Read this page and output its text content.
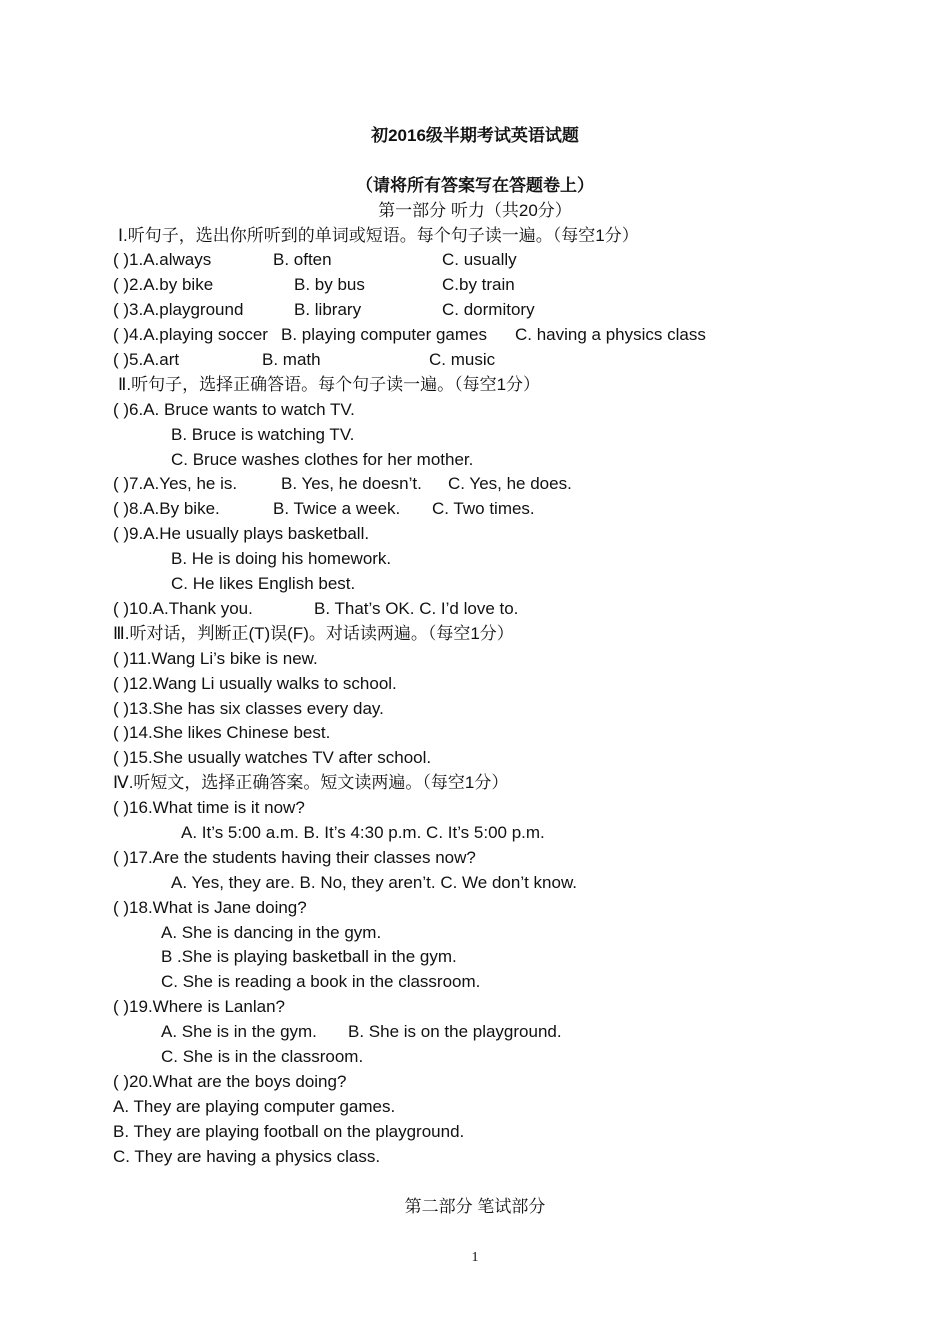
初2016级半期考试英语试题
（请将所有答案写在答题卷上）
第一部分 听力（共20分）
Ⅰ.听句子，选出你所听到的单词或短语。每个句子读一遍。（每空1分）
( )1.A.always	B. often	C. usually
( )2.A.by bike	B. by bus	C.by train
( )3.A.playground	B. library	C. dormitory
( )4.A.playing soccer B. playing computer games C. having a physics class
( )5.A.art	B. math	C. music
Ⅱ.听句子，选择正确答语。每个句子读一遍。（每空1分）
( )6.A. Bruce wants to watch TV.
B. Bruce is watching TV.
C. Bruce washes clothes for her mother.
( )7.A.Yes, he is.	B. Yes, he doesn’t. C. Yes, he does.
( )8.A.By bike.	B. Twice a week. C. Two times.
( )9.A.He usually plays basketball.
B. He is doing his homework.
C. He likes English best.
( )10.A.Thank you.	B. That’s OK. C. I’d love to.
Ⅲ.听对话，判断正(T)误(F)。对话读两遍。（每空1分）
( )11.Wang Li’s bike is new.
( )12.Wang Li usually walks to school.
( )13.She has six classes every day.
( )14.She likes Chinese best.
( )15.She usually watches TV after school.
Ⅳ.听短文，选择正确答案。短文读两遍。（每空1分）
( )16.What time is it now?
A. It’s 5:00 a.m. B. It’s 4:30 p.m. C. It’s 5:00 p.m.
( )17.Are the students having their classes now?
A. Yes, they are. B. No, they aren’t. C. We don’t know.
( )18.What is Jane doing?
A. She is dancing in the gym.
B .She is playing basketball in the gym.
C. She is reading a book in the classroom.
( )19.Where is Lanlan?
A. She is in the gym. B. She is on the playground.
C. She is in the classroom.
( )20.What are the boys doing?
A. They are playing computer games.
B. They are playing football on the playground.
C. They are having a physics class.
第二部分 笔试部分
1
